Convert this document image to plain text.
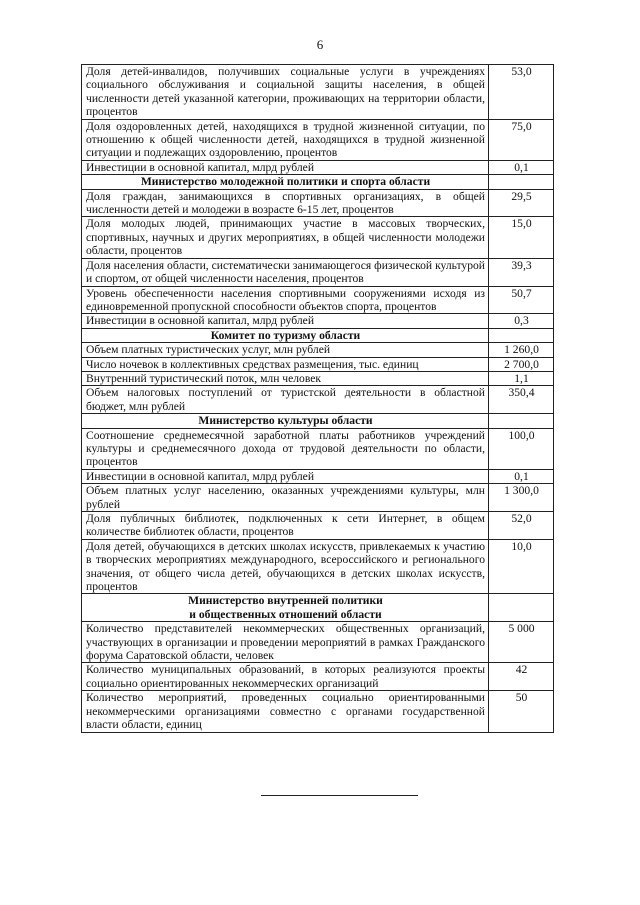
6
Доля детей-инвалидов, получивших социальные услуги в учреждениях социального обслуживания и социальной защиты населения, в общей численности детей указанной категории, проживающих на территории области, процентов	53,0
Доля оздоровленных детей, находящихся в трудной жизненной ситуации, по отношению к общей численности детей, находящихся в трудной жизненной ситуации и подлежащих оздоровлению, процентов	75,0
Инвестиции в основной капитал, млрд рублей	0,1
Министерство молодежной политики и спорта области	
Доля граждан, занимающихся в спортивных организациях, в общей численности детей и молодежи в возрасте 6-15 лет, процентов	29,5
Доля молодых людей, принимающих участие в массовых творческих, спортивных, научных и других мероприятиях, в общей численности молодежи области, процентов	15,0
Доля населения области, систематически занимающегося физической культурой и спортом, от общей численности населения, процентов	39,3
Уровень обеспеченности населения спортивными сооружениями исходя из единовременной пропускной способности объектов спорта, процентов	50,7
Инвестиции в основной капитал, млрд рублей	0,3
Комитет по туризму области	
Объем платных туристических услуг, млн рублей	1 260,0
Число ночевок в коллективных средствах размещения, тыс. единиц	2 700,0
Внутренний туристический поток, млн человек	1,1
Объем налоговых поступлений от туристской деятельности в областной бюджет, млн рублей	350,4
Министерство культуры области	
Соотношение среднемесячной заработной платы работников учреждений культуры и среднемесячного дохода от трудовой деятельности по области, процентов	100,0
Инвестиции в основной капитал, млрд рублей	0,1
Объем платных услуг населению, оказанных учреждениями культуры, млн рублей	1 300,0
Доля публичных библиотек, подключенных к сети Интернет, в общем количестве библиотек области, процентов	52,0
Доля детей, обучающихся в детских школах искусств, привлекаемых к участию в творческих мероприятиях международного, всероссийского и регионального значения, от общего числа детей, обучающихся в детских школах искусств, процентов	10,0
Министерство внутренней политики
и общественных отношений области	
Количество представителей некоммерческих общественных организаций, участвующих в организации и проведении мероприятий в рамках Гражданского форума Саратовской области, человек	5 000
Количество муниципальных образований, в которых реализуются проекты социально ориентированных некоммерческих организаций	42
Количество мероприятий, проведенных социально ориентированными некоммерческими организациями совместно с органами государственной власти области, единиц	50
